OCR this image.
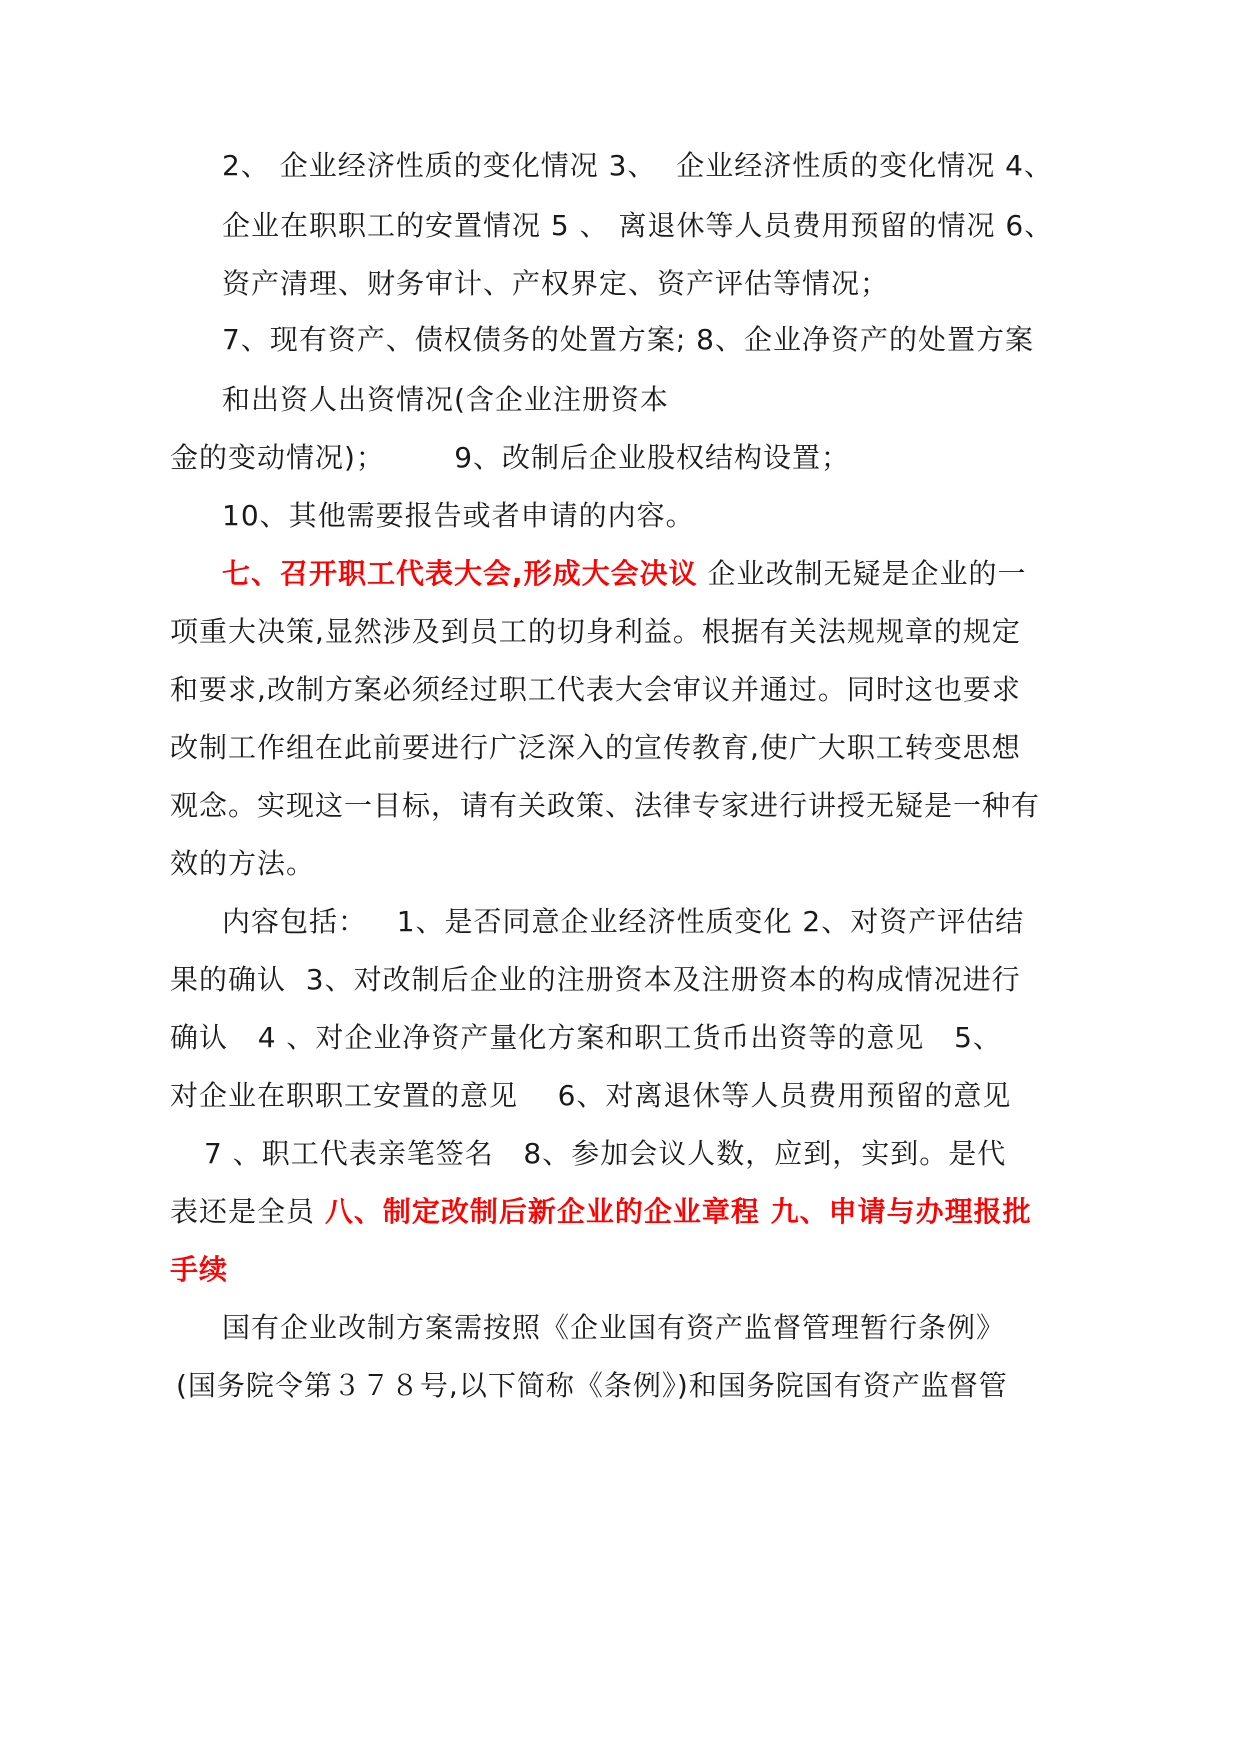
2、 企业经济性质的变化情况 3、  企业经济性质的变化情况 4、
企业在职职工的安置情况 5 、 离退休等人员费用预留的情况 6、
资产清理、财务审计、产权界定、资产评估等情况；
7、现有资产、债权债务的处置方案; 8、企业净资产的处置方案
和出资人出资情况(含企业注册资本
金的变动情况)；       9、改制后企业股权结构设置；
10、其他需要报告或者申请的内容。
七、召开职工代表大会,形成大会决议 企业改制无疑是企业的一
项重大决策,显然涉及到员工的切身利益。根据有关法规规章的规定
和要求,改制方案必须经过职工代表大会审议并通过。同时这也要求
改制工作组在此前要进行广泛深入的宣传教育,使广大职工转变思想
观念。实现这一目标，请有关政策、法律专家进行讲授无疑是一种有
效的方法。
内容包括：   1、是否同意企业经济性质变化 2、对资产评估结
果的确认  3、对改制后企业的注册资本及注册资本的构成情况进行
确认   4 、对企业净资产量化方案和职工货币出资等的意见   5、
对企业在职职工安置的意见    6、对离退休等人员费用预留的意见
7 、职工代表亲笔签名   8、参加会议人数，应到，实到。是代
表还是全员 八、制定改制后新企业的企业章程 九、申请与办理报批
手续
国有企业改制方案需按照《企业国有资产监督管理暂行条例》
(国务院令第３７８号,以下简称《条例》)和国务院国有资产监督管
